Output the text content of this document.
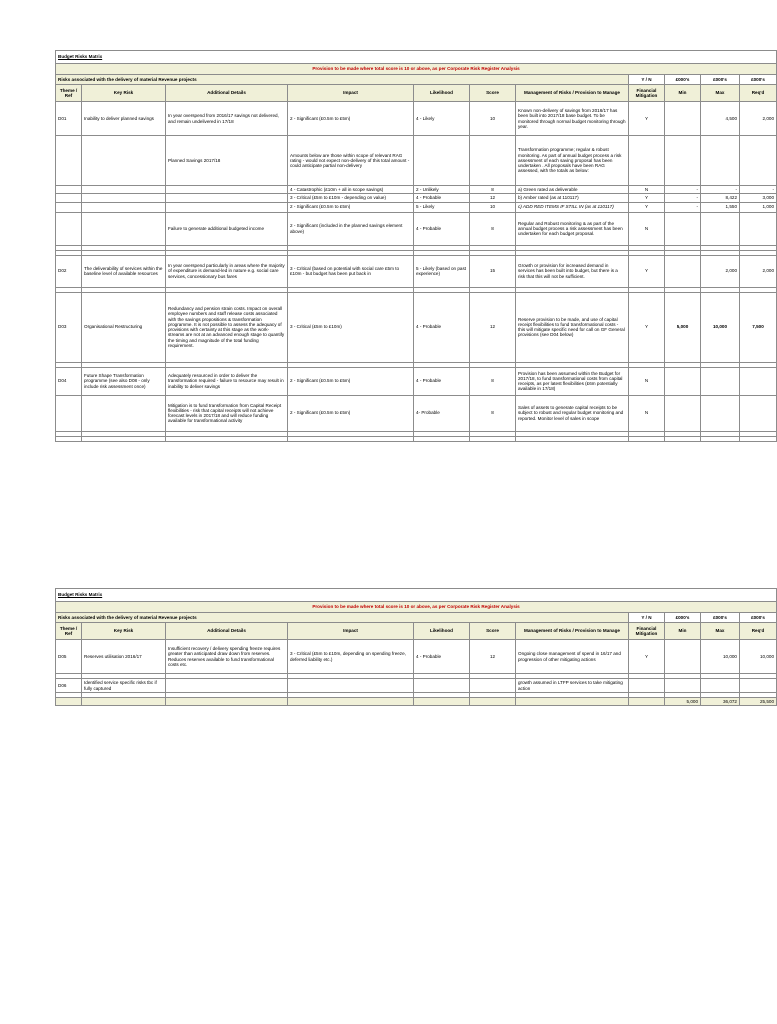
Budget Risks Matrix										
Provision to be made where total score is 10 or above, as per Corporate Risk Register Analysis										
Risks associated with the delivery of material Revenue projects							Y / N	£000's	£000's	£000's
Theme / Ref	Key Risk	Additional Details	Impact	Likelihood	Score	Management of Risks / Provision to Manage	Financial Mitigation	Min	Max	Req'd
D01	Inability to deliver planned savings	In year overspend from 2016/17 savings not delivered, and remain undelivered in 17/18	2 - Significant (£0.5m to £5m)	4 - Likely	10	Known non-delivery of savings from 2016/17 has been built into 2017/18 base budget. To be monitored through normal budget monitoring through year.	Y		4,500	2,000
		Planned Savings 2017/18	Amounts below are those within scope of relevant RAG rating - would not expect non-delivery of this total amount - could anticipate partial non-delivery			Transformation programme; regular & robust monitoring. As part of annual budget process a risk assessment of each saving proposal has been undertaken . All proposals have been RAG assessed, with the totals as below:				
			4 - Catastrophic (£10m + all in scope savings)	2 - Unlikely	8	a) Green rated as deliverable	N	-	-	-
			3 - Critical (£5m to £10m - depending on value)	4 - Probable	12	b) Amber rated (as at 110117)	Y	-	8,422	3,000
			2 - Significant (£0.5m to £5m)	5 - Likely	10	c) ADD RED ITEMS IF STILL IN (as at 110117)	Y	-	1,550	1,000
		Failure to generate additional budgeted income	2 - Significant (included in the planned savings element above)	4 - Probable	8	Regular and Robust monitoring & as part of the annual budget process a risk assessment has been undertaken for each budget proposal.	N			

D02	The deliverability of services within the baseline level of available resources	In year overspend particularly in areas where the majority of expenditure is demand-led in nature e.g. social care services, concessionary bus fares	3 - Critical (based on potential with social care £5m to £10m - but budget has been put back in	5 - Likely (based on past experience)	15	Growth or provision for increased demand in services has been built into budget, but there is a risk that this will not be sufficient.	Y		2,000	2,000

D03	Organisational Restructuring	Redundancy and pension strain costs. Impact on overall employee numbers and staff release costs associated with the savings propositions & transformation programme. It is not possible to assess the adequacy of provisions with certainty at this stage as the work-streams are not at an advanced enough stage to quantify the timing and magnitude of the total funding requirement.	3 - Critical (£5m to £10m)	4 - Probable	12	Reserve provision to be made, and use of capital receipt flexibilities to fund transformational costs - this will mitigate specific need for call on GF General provisions (see D04 below)	Y	5,000	10,000	7,500

D04	Future Shape Transformation programme (see also D08 - only include risk assessment once)	Adequately resourced in order to deliver the transformation required - failure to resource may result in inability to deliver savings	2 - Significant (£0.5m to £5m)	4 - Probable	8	Provision has been assumed within the Budget for 2017/18, to fund transformational costs from capital receipts, as per latest flexibilities (£6m potentially available in 17/18)	N			
		Mitigation is to fund transformation from Capital Receipt flexibilities - risk that capital receipts will not achieve forecast levels in 2017/18 and will reduce funding available for transformational activity	2 - Significant (£0.5m to £5m)	4- Probable	8	Sales of assets to generate capital receipts to be subject to robust and regular budget monitoring and reported. Monitor level of sales in scope	N			

Budget Risks Matrix										
Provision to be made where total score is 10 or above, as per Corporate Risk Register Analysis										
Risks associated with the delivery of material Revenue projects							Y / N	£000's	£000's	£000's
Theme / Ref	Key Risk	Additional Details	Impact	Likelihood	Score	Management of Risks / Provision to Manage	Financial Mitigation	Min	Max	Req'd
D05	Reserves utilisation 2016/17	Insufficient recovery / delivery spending freeze requires greater than anticipated draw down from reserves. Reduces reserves available to fund transformational costs etc.	3 - Critical (£5m to £10m, depending on spending freeze, deferred liability etc.)	4 - Probable	12	Ongoing close management of spend in 16/17 and progression of other mitigating actions	Y		10,000	10,000

D06	Identified service specific risks tbc if fully captured					growth assumed in LTFP services to take mitigating action				

								5,000	36,072	25,500
